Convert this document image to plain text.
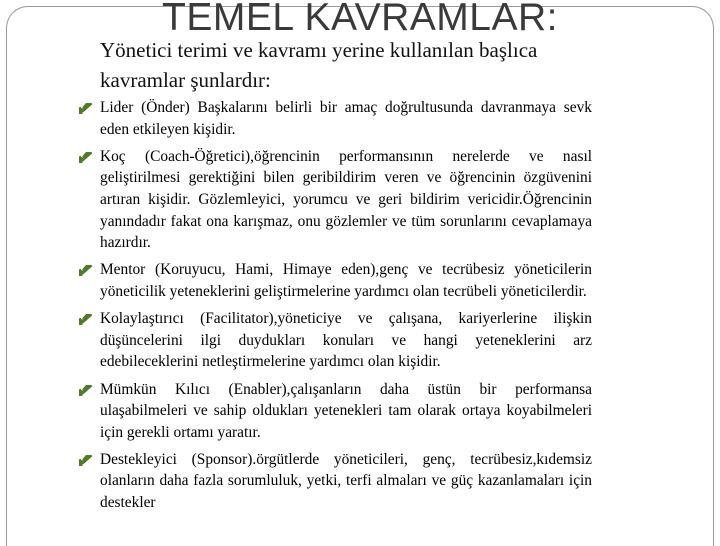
TEMEL KAVRAMLAR:
Yönetici terimi ve kavramı yerine kullanılan başlıca kavramlar şunlardır:
Lider (Önder) Başkalarını belirli bir amaç doğrultusunda davranmaya sevk eden etkileyen kişidir.
Koç (Coach-Öğretici),öğrencinin performansının nerelerde ve nasıl geliştirilmesi gerektiğini bilen geribildirim veren ve öğrencinin özgüvenini artıran kişidir. Gözlemleyici, yorumcu ve geri bildirim vericidir.Öğrencinin yanındadır fakat ona karışmaz, onu gözlemler ve tüm sorunlarını cevaplamaya hazırdır.
Mentor (Koruyucu, Hami, Himaye eden),genç ve tecrübesiz yöneticilerin yöneticilik yeteneklerini geliştirmelerine yardımcı olan tecrübeli yöneticilerdir.
Kolaylaştırıcı (Facilitator),yöneticiye ve çalışana, kariyerlerine ilişkin düşüncelerini ilgi duydukları konuları ve hangi yeteneklerini arz edebileceklerini netleştirmelerine yardımcı olan kişidir.
Mümkün Kılıcı (Enabler),çalışanların daha üstün bir performansa ulaşabilmeleri ve sahip oldukları yetenekleri tam olarak ortaya koyabilmeleri için gerekli ortamı yaratır.
Destekleyici (Sponsor).örgütlerde yöneticileri, genç, tecrübesiz,kıdemsiz olanların daha fazla sorumluluk, yetki, terfi almaları ve güç kazanlamaları için destekler
